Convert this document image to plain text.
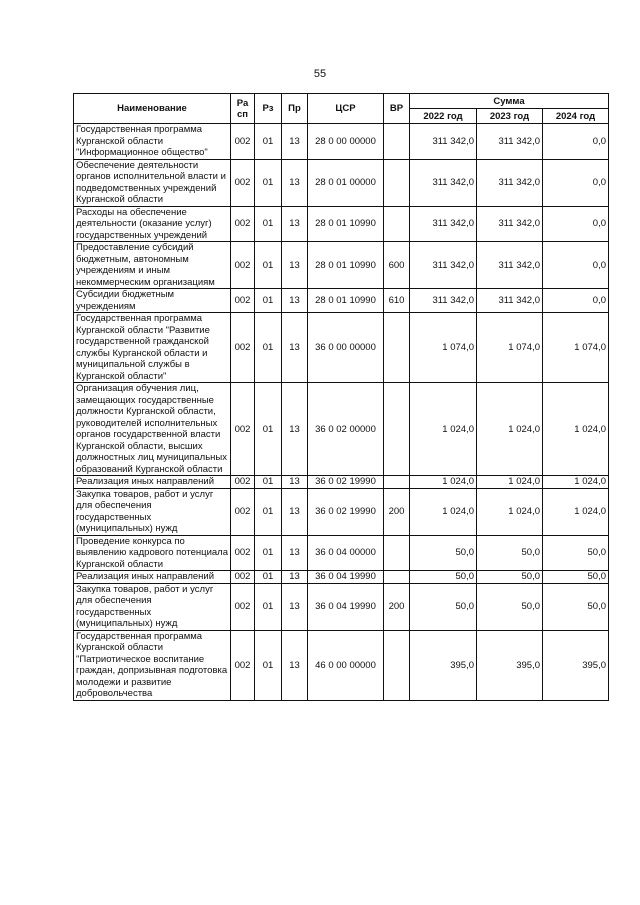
55
Наименование	Ра сп	Рз	Пр	ЦСР	ВР	Сумма		
						2022 год	2023 год	2024 год
Государственная программа Курганской области "Информационное общество"	002	01	13	28 0 00 00000		311 342,0	311 342,0	0,0
Обеспечение деятельности органов исполнительной власти и подведомственных учреждений Курганской области	002	01	13	28 0 01 00000		311 342,0	311 342,0	0,0
Расходы на обеспечение деятельности (оказание услуг) государственных учреждений	002	01	13	28 0 01 10990		311 342,0	311 342,0	0,0
Предоставление субсидий бюджетным, автономным учреждениям и иным некоммерческим организациям	002	01	13	28 0 01 10990	600	311 342,0	311 342,0	0,0
Субсидии бюджетным учреждениям	002	01	13	28 0 01 10990	610	311 342,0	311 342,0	0,0
Государственная программа Курганской области "Развитие государственной гражданской службы Курганской области и муниципальной службы в Курганской области"	002	01	13	36 0 00 00000		1 074,0	1 074,0	1 074,0
Организация обучения лиц, замещающих государственные должности Курганской области, руководителей исполнительных органов государственной власти Курганской области, высших должностных лиц муниципальных образований Курганской области	002	01	13	36 0 02 00000		1 024,0	1 024,0	1 024,0
Реализация иных направлений	002	01	13	36 0 02 19990		1 024,0	1 024,0	1 024,0
Закупка товаров, работ и услуг для обеспечения государственных (муниципальных) нужд	002	01	13	36 0 02 19990	200	1 024,0	1 024,0	1 024,0
Проведение конкурса по выявлению кадрового потенциала Курганской области	002	01	13	36 0 04 00000		50,0	50,0	50,0
Реализация иных направлений	002	01	13	36 0 04 19990		50,0	50,0	50,0
Закупка товаров, работ и услуг для обеспечения государственных (муниципальных) нужд	002	01	13	36 0 04 19990	200	50,0	50,0	50,0
Государственная программа Курганской области "Патриотическое воспитание граждан, допризывная подготовка молодежи и развитие добровольчества	002	01	13	46 0 00 00000		395,0	395,0	395,0
